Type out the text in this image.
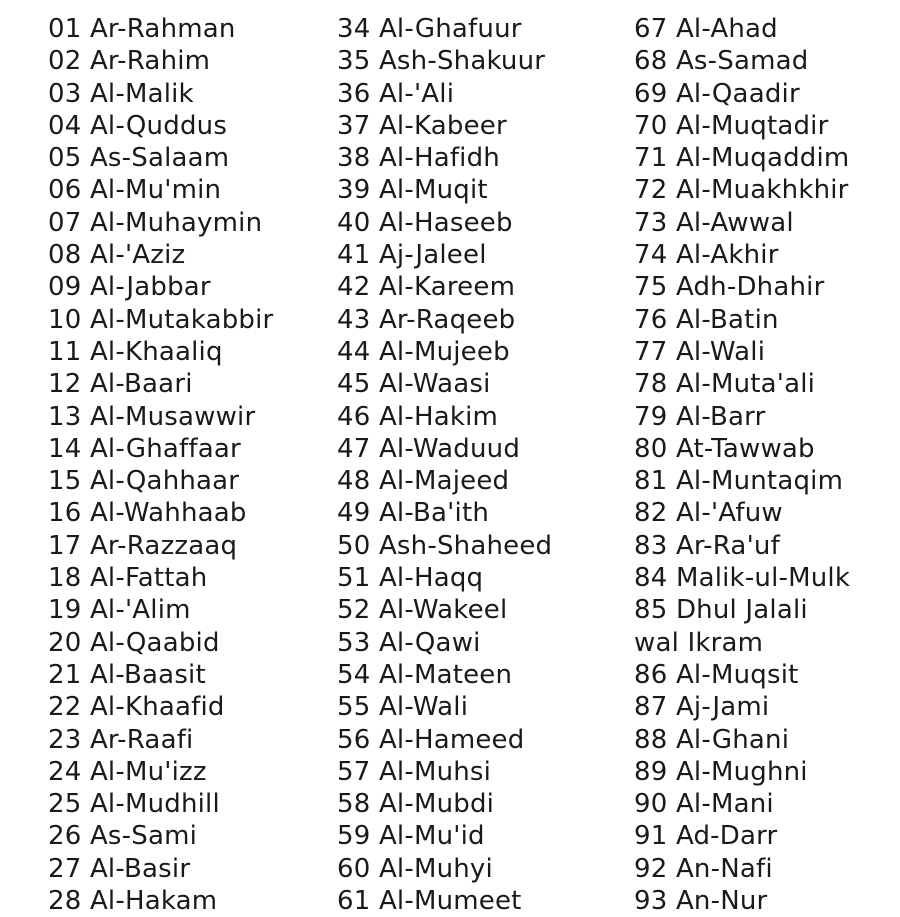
01 Ar-Rahman
02 Ar-Rahim
03 Al-Malik
04 Al-Quddus
05 As-Salaam
06 Al-Mu'min
07 Al-Muhaymin
08 Al-'Aziz
09 Al-Jabbar
10 Al-Mutakabbir
11 Al-Khaaliq
12 Al-Baari
13 Al-Musawwir
14 Al-Ghaffaar
15 Al-Qahhaar
16 Al-Wahhaab
17 Ar-Razzaaq
18 Al-Fattah
19 Al-'Alim
20 Al-Qaabid
21 Al-Baasit
22 Al-Khaafid
23 Ar-Raafi
24 Al-Mu'izz
25 Al-Mudhill
26 As-Sami
27 Al-Basir
28 Al-Hakam
34 Al-Ghafuur
35 Ash-Shakuur
36 Al-'Ali
37 Al-Kabeer
38 Al-Hafidh
39 Al-Muqit
40 Al-Haseeb
41 Aj-Jaleel
42 Al-Kareem
43 Ar-Raqeeb
44 Al-Mujeeb
45 Al-Waasi
46 Al-Hakim
47 Al-Waduud
48 Al-Majeed
49 Al-Ba'ith
50 Ash-Shaheed
51 Al-Haqq
52 Al-Wakeel
53 Al-Qawi
54 Al-Mateen
55 Al-Wali
56 Al-Hameed
57 Al-Muhsi
58 Al-Mubdi
59 Al-Mu'id
60 Al-Muhyi
61 Al-Mumeet
67 Al-Ahad
68 As-Samad
69 Al-Qaadir
70 Al-Muqtadir
71 Al-Muqaddim
72 Al-Muakhkhir
73 Al-Awwal
74 Al-Akhir
75 Adh-Dhahir
76 Al-Batin
77 Al-Wali
78 Al-Muta'ali
79 Al-Barr
80 At-Tawwab
81 Al-Muntaqim
82 Al-'Afuw
83 Ar-Ra'uf
84 Malik-ul-Mulk
85 Dhul Jalali
wal Ikram
86 Al-Muqsit
87 Aj-Jami
88 Al-Ghani
89 Al-Mughni
90 Al-Mani
91 Ad-Darr
92 An-Nafi
93 An-Nur
